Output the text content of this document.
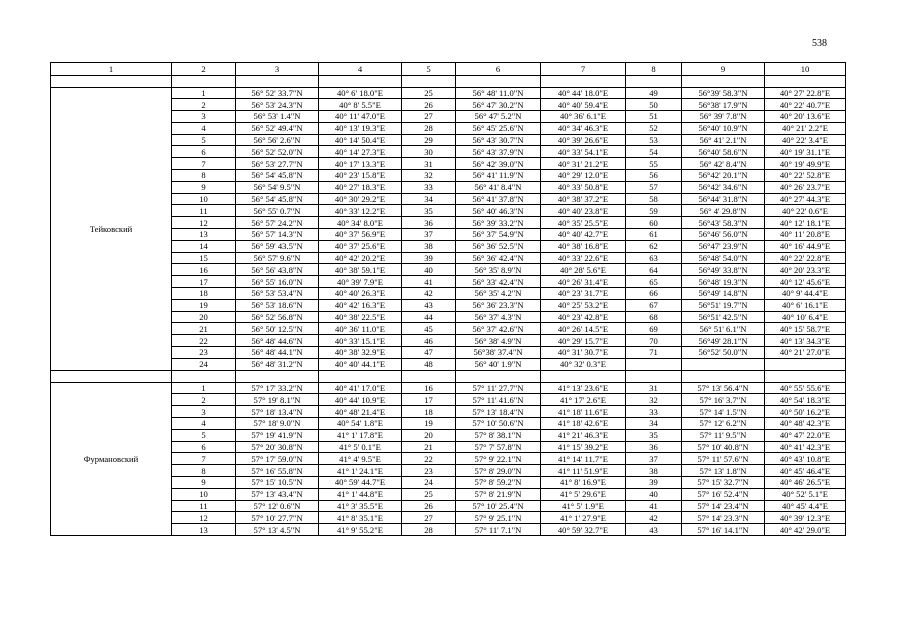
538
1	2	3	4	5	6	7	8	9	10

Тейковский	1	56° 52' 33.7"N	40° 6' 18.0"E	25	56° 48' 11.0"N	40° 44' 18.0"E	49	56°39' 58.3"N	40° 27' 22.8"E
	2	56° 53' 24.3"N	40° 8' 5.5"E	26	56° 47' 30.2"N	40° 40' 59.4"E	50	56°38' 17.9"N	40° 22' 40.7"E
	3	56° 53' 1.4"N	40° 11' 47.0"E	27	56° 47' 5.2"N	40° 36' 6.1"E	51	56° 39' 7.8"N	40° 20' 13.6"E
	4	56° 52' 49.4"N	40° 13' 19.3"E	28	56° 45' 25.6"N	40° 34' 46.3"E	52	56°40' 10.9"N	40° 21' 2.2"E
	5	56° 56' 2.6"N	40° 14' 50.4"E	29	56° 43' 30.7"N	40° 39' 26.6"E	53	56° 41' 2.1"N	40° 22' 3.4"E
	6	56° 52' 52.0"N	40° 14' 27.3"E	30	56° 43' 37.9"N	40° 33' 54.1"E	54	56°40' 58.6"N	40° 19' 31.1"E
	7	56° 53' 27.7"N	40° 17' 13.3"E	31	56° 42' 39.0"N	40° 31' 21.2"E	55	56° 42' 8.4"N	40° 19' 49.9"E
	8	56° 54' 45.8"N	40° 23' 15.8"E	32	56° 41' 11.9"N	40° 29' 12.0"E	56	56°42' 20.1"N	40° 22' 52.8"E
	9	56° 54' 9.5"N	40° 27' 18.3"E	33	56° 41' 8.4"N	40° 33' 50.8"E	57	56°42' 34.6"N	40° 26' 23.7"E
	10	56° 54' 45.8"N	40° 30' 29.2"E	34	56° 41' 37.8"N	40° 38' 37.2"E	58	56°44' 31.8"N	40° 27' 44.3"E
	11	56° 55' 0.7"N	40° 33' 12.2"E	35	56° 40' 46.3"N	40° 40' 23.8"E	59	56° 4' 29.8"N	40° 22' 0.6"E
	12	56° 57' 24.2"N	40° 34' 8.0"E	36	56° 39' 33.2"N	40° 35' 25.5"E	60	56°43' 58.3"N	40° 12' 18.1"E
	13	56° 57' 14.3"N	40° 37' 56.9"E	37	56° 37' 54.9"N	40° 40' 42.7"E	61	56°46' 56.0"N	40° 11' 20.8"E
	14	56° 59' 43.5"N	40° 37' 25.6"E	38	56° 36' 52.5"N	40° 38' 16.8"E	62	56°47' 23.9"N	40° 16' 44.9"E
	15	56° 57' 9.6"N	40° 42' 20.2"E	39	56° 36' 42.4"N	40° 33' 22.6"E	63	56°48' 54.0"N	40° 22' 22.8"E
	16	56° 56' 43.8"N	40° 38' 59.1"E	40	56° 35' 8.9"N	40° 28' 5.6"E	64	56°49' 33.8"N	40° 20' 23.3"E
	17	56° 55' 16.0"N	40° 39' 7.9"E	41	56° 33' 42.4"N	40° 26' 31.4"E	65	56°48' 19.3"N	40° 12' 45.6"E
	18	56° 53' 53.4"N	40° 40' 26.3"E	42	56° 35' 4.2"N	40° 23' 31.7"E	66	56°49' 14.8"N	40° 9' 44.4"E
	19	56° 53' 18.6"N	40° 42' 16.3"E	43	56° 36' 23.3"N	40° 25' 53.2"E	67	56°51' 19.7"N	40° 6' 16.1"E
	20	56° 52' 56.8"N	40° 38' 22.5"E	44	56° 37' 4.3"N	40° 23' 42.8"E	68	56°51' 42.5"N	40° 10' 6.4"E
	21	56° 50' 12.5"N	40° 36' 11.0"E	45	56° 37' 42.6"N	40° 26' 14.5"E	69	56° 51' 6.1"N	40° 15' 58.7"E
	22	56° 48' 44.6"N	40° 33' 15.1"E	46	56° 38' 4.9"N	40° 29' 15.7"E	70	56°49' 28.1"N	40° 13' 34.3"E
	23	56° 48' 44.1"N	40° 38' 32.9"E	47	56°38' 37.4"N	40° 31' 30.7"E	71	56°52' 50.0"N	40° 21' 27.0"E
	24	56° 48' 31.2"N	40° 40' 44.1"E	48	56° 40' 1.9"N	40° 32' 0.3"E			

Фурмановский	1	57° 17' 33.2"N	40° 41' 17.0"E	16	57° 11' 27.7"N	41° 13' 23.6"E	31	57° 13' 56.4"N	40° 55' 55.6"E
	2	57° 19' 8.1"N	40° 44' 10.9"E	17	57° 11' 41.6"N	41° 17' 2.6"E	32	57° 16' 3.7"N	40° 54' 18.3"E
	3	57° 18' 13.4"N	40° 48' 21.4"E	18	57° 13' 18.4"N	41° 18' 11.6"E	33	57° 14' 1.5"N	40° 50' 16.2"E
	4	57° 18' 9.0"N	40° 54' 1.8"E	19	57° 10' 50.6"N	41° 18' 42.6"E	34	57° 12' 6.2"N	40° 48' 42.3"E
	5	57° 19' 41.9"N	41° 1' 17.8"E	20	57° 8' 38.1"N	41° 21' 46.3"E	35	57° 11' 9.5"N	40° 47' 22.0"E
	6	57° 20' 30.8"N	41° 5' 0.1"E	21	57° 7' 57.8"N	41° 15' 39.2"E	36	57° 10' 40.8"N	40° 41' 42.3"E
	7	57° 17' 59.0"N	41° 4' 9.5"E	22	57° 9' 22.1"N	41° 14' 11.7"E	37	57° 11' 57.6"N	40° 43' 10.8"E
	8	57° 16' 55.8"N	41° 1' 24.1"E	23	57° 8' 29.0"N	41° 11' 51.9"E	38	57° 13' 1.8"N	40° 45' 46.4"E
	9	57° 15' 10.5"N	40° 59' 44.7"E	24	57° 8' 59.2"N	41° 8' 16.9"E	39	57° 15' 32.7"N	40° 46' 26.5"E
	10	57° 13' 43.4"N	41° 1' 44.8"E	25	57° 8' 21.9"N	41° 5' 29.6"E	40	57° 16' 52.4"N	40° 52' 5.1"E
	11	57° 12' 0.6"N	41° 3' 35.5"E	26	57° 10' 25.4"N	41° 5' 1.9"E	41	57° 14' 23.4"N	40° 45' 4.4"E
	12	57° 10' 27.7"N	41° 8' 35.1"E	27	57° 9' 25.1"N	41° 1' 27.9"E	42	57° 14' 23.3"N	40° 39' 12.3"E
	13	57° 13' 4.5"N	41° 9' 55.2"E	28	57° 11' 7.1"N	40° 59' 32.7"E	43	57° 16' 14.1"N	40° 42' 29.0"E
